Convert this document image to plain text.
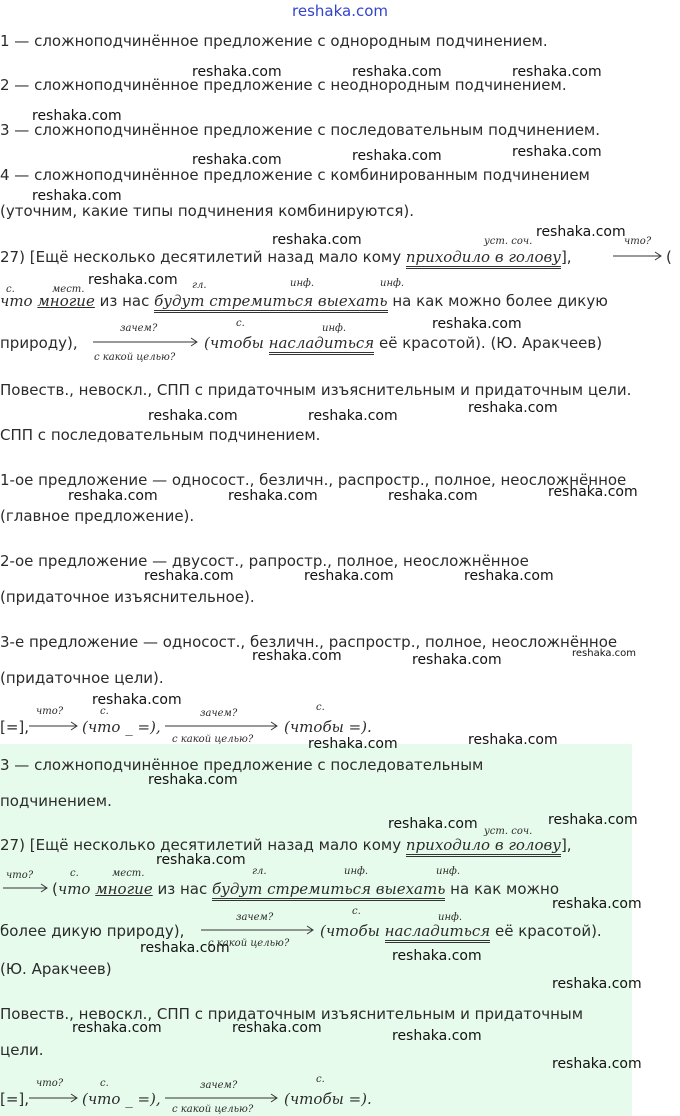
reshaka.com
1 — сложноподчинённое предложение с однородным подчинением.
2 — сложноподчинённое предложение с неоднородным подчинением.
3 — сложноподчинённое предложение с последовательным подчинением.
4 — сложноподчинённое предложение с комбинированным подчинением
(уточним, какие типы подчинения комбинируются).
уст. соч.	что?
27) [Ещё несколько десятилетий назад мало кому приходило в голову],	(
с.	мест.	гл.	инф.	инф.
что многие из нас будут стремиться выехать на как можно более дикую
зачем?	с.	инф.
природу),
с какой целью?
(чтобы насладиться её красотой). (Ю. Аракчеев)
Повеств., невоскл., СПП с придаточным изъяснительным и придаточным цели.
СПП с последовательным подчинением.
1-ое предложение — односост., безличн., распростр., полное, неосложнённое
(главное предложение).
2-ое предложение — двусост., рапростр., полное, неосложнённое
(придаточное изъяснительное).
3-е предложение — односост., безличн., распростр., полное, неосложнённое
(придаточное цели).
что?	с.	зачем?
с.
[=],	(что _ =),
с какой целью?
(чтобы =).
3 — сложноподчинённое предложение с последовательным
подчинением.
уст. соч.
27) [Ещё несколько десятилетий назад мало кому приходило в голову],
что?	с.	мест.	гл.	инф.	инф.
(что многие из нас будут стремиться выехать на как можно
зачем?
с.
инф.
более дикую природу),
с какой целью?
(чтобы насладиться её красотой).
(Ю. Аракчеев)
Повеств., невоскл., СПП с придаточным изъяснительным и придаточным
цели.
что?	с.	зачем?
с.
[=],	(что _ =),
с какой целью?
(чтобы =).
reshaka.com	reshaka.com	reshaka.com
reshaka.com
reshaka.com	reshaka.com	reshaka.com
reshaka.com
reshaka.com	reshaka.com
reshaka.com
reshaka.com
reshaka.com	reshaka.com	reshaka.com
reshaka.com	reshaka.com	reshaka.com	reshaka.com
reshaka.com	reshaka.com	reshaka.com
reshaka.com	reshaka.com	reshaka.com
reshaka.com
reshaka.com	reshaka.com
reshaka.com
reshaka.com	reshaka.com
reshaka.com
reshaka.com
reshaka.com	reshaka.com
reshaka.com
reshaka.com	reshaka.com	reshaka.com
reshaka.com
